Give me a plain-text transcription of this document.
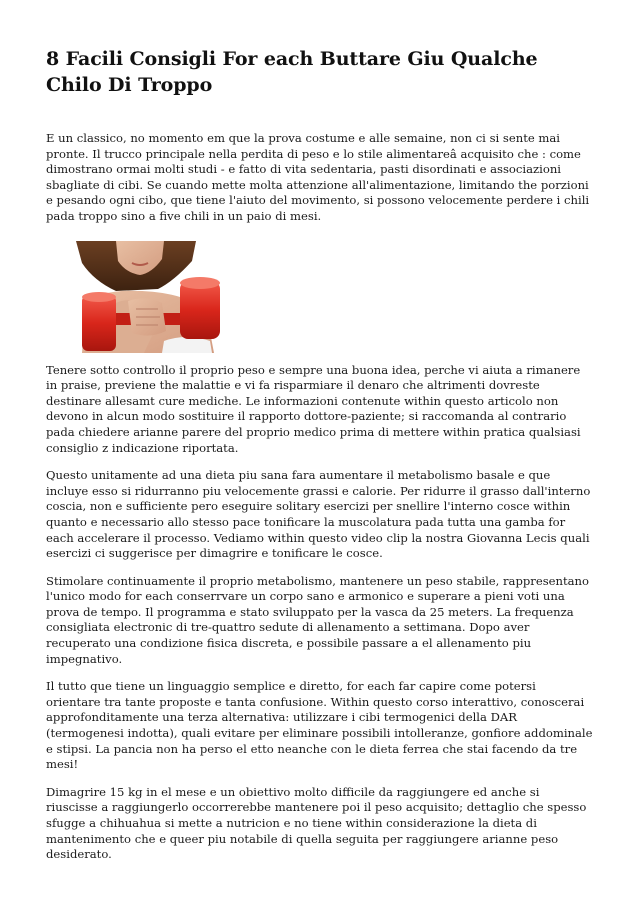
8 Facili Consigli For each Buttare Giu Qualche Chilo Di Troppo

E un classico, no momento em que la prova costume e alle semaine, non ci si sente mai pronte. Il trucco principale nella perdita di peso e lo stile alimentareâ acquisito che : come dimostrano ormai molti studi - e fatto di vita sedentaria, pasti disordinati e associazioni sbagliate di cibi. Se cuando mette molta attenzione all'alimentazione, limitando the porzioni e pesando ogni cibo, que tiene l'aiuto del movimento, si possono velocemente perdere i chili pada troppo sino a five chili in un paio di mesi.

Tenere sotto controllo il proprio peso e sempre una buona idea, perche vi aiuta a rimanere in praise, previene the malattie e vi fa risparmiare il denaro che altrimenti dovreste destinare allesamt cure mediche. Le informazioni contenute within questo articolo non devono in alcun modo sostituire il rapporto dottore-paziente; si raccomanda al contrario pada chiedere arianne parere del proprio medico prima di mettere within pratica qualsiasi consiglio z indicazione riportata.

Questo unitamente ad una dieta piu sana fara aumentare il metabolismo basale e que incluye esso si ridurranno piu velocemente grassi e calorie. Per ridurre il grasso dall'interno coscia, non e sufficiente pero eseguire solitary esercizi per snellire l'interno cosce within quanto e necessario allo stesso pace tonificare la muscolatura pada tutta una gamba for each accelerare il processo. Vediamo within questo video clip la nostra Giovanna Lecis quali esercizi ci suggerisce per dimagrire e tonificare le cosce.

Stimolare continuamente il proprio metabolismo, mantenere un peso stabile, rappresentano l'unico modo for each conserrvare un corpo sano e armonico e superare a pieni voti una prova de tempo. Il programma e stato sviluppato per la vasca da 25 meters. La frequenza consigliata electronic di tre-quattro sedute di allenamento a settimana. Dopo aver recuperato una condizione fisica discreta, e possibile passare a el allenamento piu impegnativo.

Il tutto que tiene un linguaggio semplice e diretto, for each far capire come potersi orientare tra tante proposte e tanta confusione. Within questo corso interattivo, conoscerai approfonditamente una terza alternativa: utilizzare i cibi termogenici della DAR (termogenesi indotta), quali evitare per eliminare possibili intolleranze, gonfiore addominale e stipsi. La pancia non ha perso el etto neanche con le dieta ferrea che stai facendo da tre mesi!

Dimagrire 15 kg in el mese e un obiettivo molto difficile da raggiungere ed anche si riuscisse a raggiungerlo occorrerebbe mantenere poi il peso acquisito; dettaglio che spesso sfugge a chihuahua si mette a nutricion e no tiene within considerazione la dieta di mantenimento che e queer piu notabile di quella seguita per raggiungere arianne peso desiderato.
